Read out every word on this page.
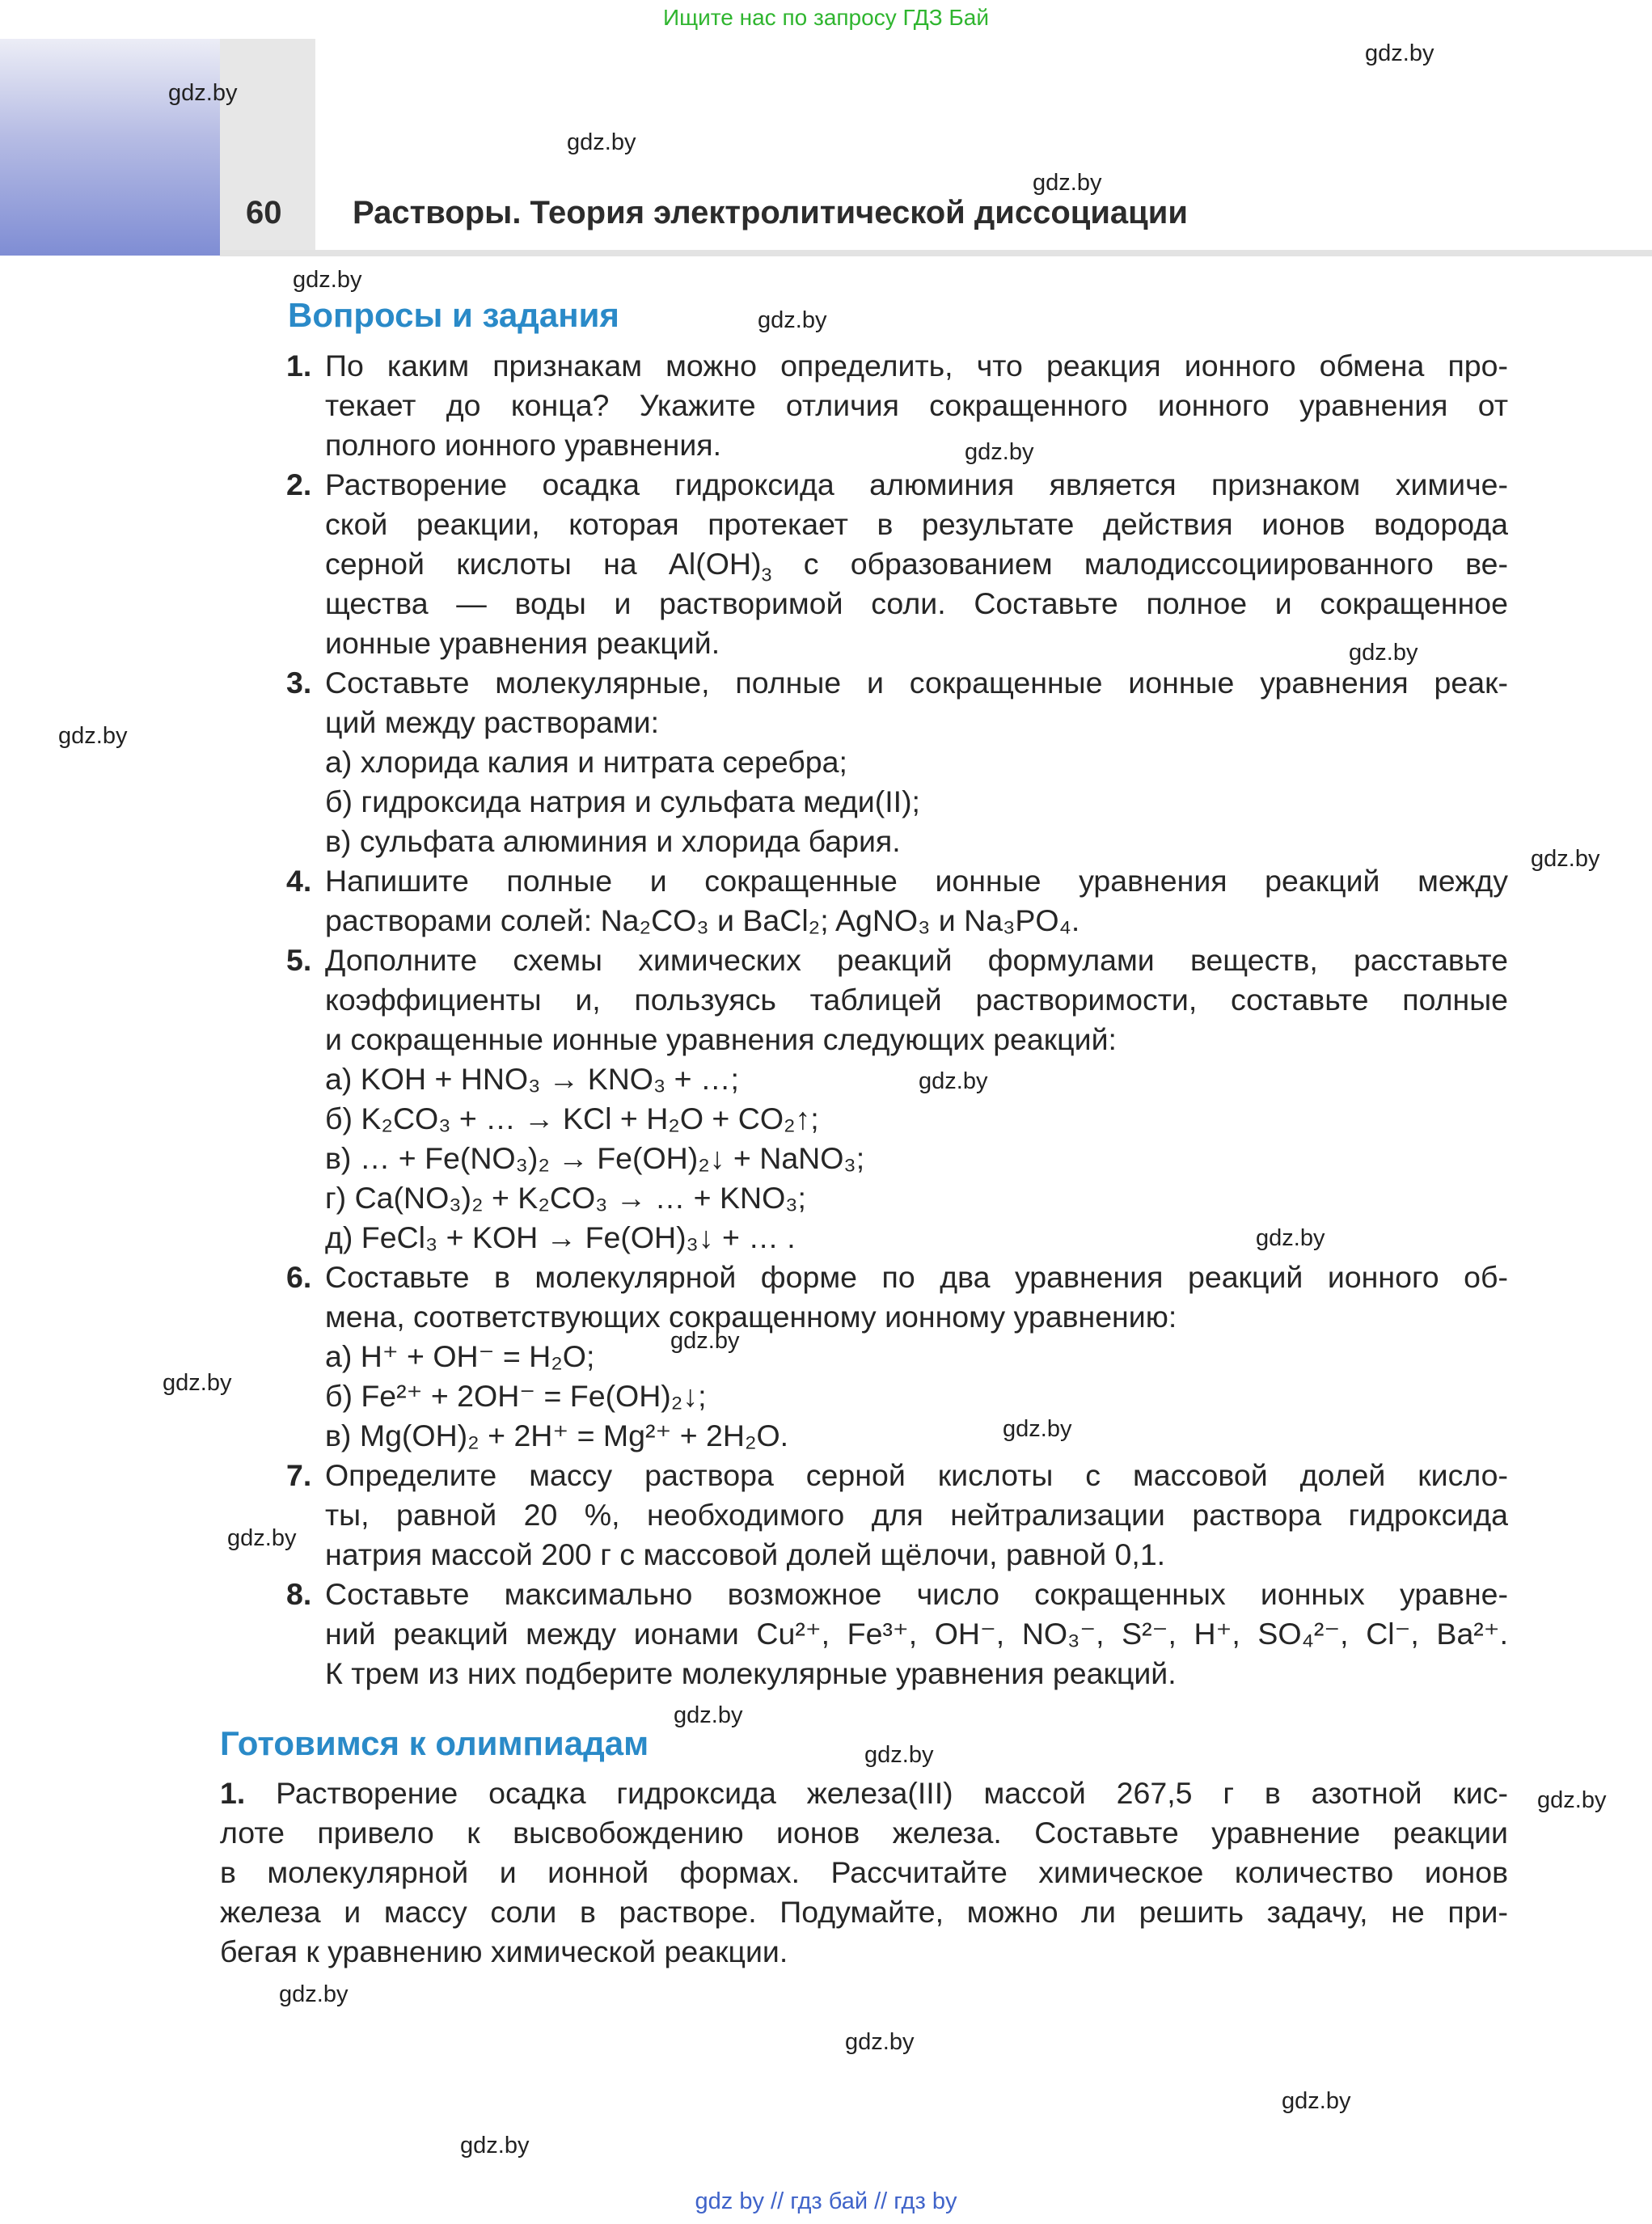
Ищите нас по запросу ГДЗ Бай
60 Растворы. Теория электролитической диссоциации
gdz.by
gdz.by
gdz.by
gdz.by
gdz.by
gdz.by
gdz.by
gdz.by
gdz.by
gdz.by
gdz.by
gdz.by
gdz.by
gdz.by
gdz.by
gdz.by
gdz.by
gdz.by
gdz.by
gdz.by
gdz.by
gdz.by
gdz.by
Вопросы и задания
1. По каким признакам можно определить, что реакция ионного обмена про-
текает до конца? Укажите отличия сокращенного ионного уравнения от
полного ионного уравнения.
2. Растворение осадка гидроксида алюминия является признаком химиче-
ской реакции, которая протекает в результате действия ионов водорода
серной кислоты на $Al(OH)_3$ с образованием малодиссоциированного ве-
щества — воды и растворимой соли. Составьте полное и сокращенное
ионные уравнения реакций.
3. Составьте молекулярные, полные и сокращенные ионные уравнения реак-
ций между растворами:
а) хлорида калия и нитрата серебра;
б) гидроксида натрия и сульфата меди(II);
в) сульфата алюминия и хлорида бария.
4. Напишите полные и сокращенные ионные уравнения реакций между
растворами солей: Na₂CO₃ и BaCl₂; AgNO₃ и Na₃PO₄.
5. Дополните схемы химических реакций формулами веществ, расставьте
коэффициенты и, пользуясь таблицей растворимости, составьте полные
и сокращенные ионные уравнения следующих реакций:
а) KOH + HNO₃ → KNO₃ + …;
б) K₂CO₃ + … → KCl + H₂O + CO₂↑;
в) … + Fe(NO₃)₂ → Fe(OH)₂↓ + NaNO₃;
г) Ca(NO₃)₂ + K₂CO₃ → … + KNO₃;
д) FeCl₃ + KOH → Fe(OH)₃↓ + … .
6. Составьте в молекулярной форме по два уравнения реакций ионного об-
мена, соответствующих сокращенному ионному уравнению:
а) H⁺ + OH⁻ = H₂O;
б) Fe²⁺ + 2OH⁻ = Fe(OH)₂↓;
в) Mg(OH)₂ + 2H⁺ = Mg²⁺ + 2H₂O.
7. Определите массу раствора серной кислоты с массовой долей кисло-
ты, равной 20 %, необходимого для нейтрализации раствора гидроксида
натрия массой 200 г с массовой долей щёлочи, равной 0,1.
8. Составьте максимально возможное число сокращенных ионных уравне-
ний реакций между ионами Cu²⁺, Fe³⁺, OH⁻, NO₃⁻, S²⁻, H⁺, SO₄²⁻, Cl⁻, Ba²⁺.
К трем из них подберите молекулярные уравнения реакций.
Готовимся к олимпиадам
1. Растворение осадка гидроксида железа(III) массой 267,5 г в азотной кис-
лоте привело к высвобождению ионов железа. Составьте уравнение реакции
в молекулярной и ионной формах. Рассчитайте химическое количество ионов
железа и массу соли в растворе. Подумайте, можно ли решить задачу, не при-
бегая к уравнению химической реакции.
gdz by // гдз бай // гдз by
